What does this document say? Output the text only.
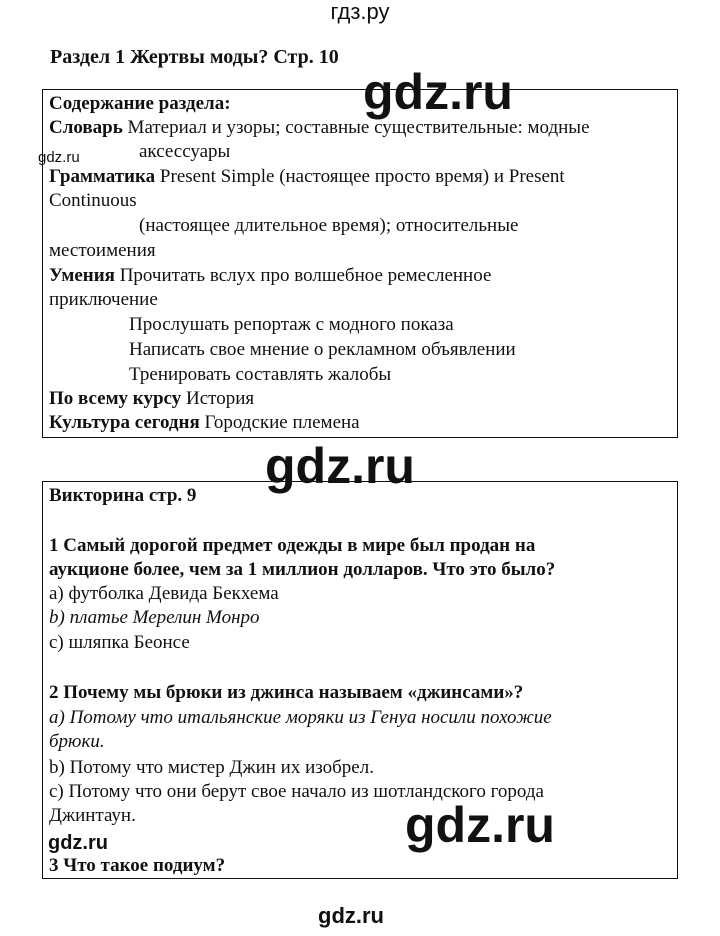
гдз.ру
Раздел 1 Жертвы моды? Стр. 10
gdz.ru
gdz.ru
gdz.ru
gdz.ru
gdz.ru
gdz.ru
Содержание раздела:
Словарь Материал и узоры; составные существительные: модные
аксессуары
Грамматика Present Simple (настоящее просто время) и Present
Continuous
(настоящее длительное время); относительные
местоимения
Умения Прочитать вслух про волшебное ремесленное
приключение
Прослушать репортаж с модного показа
Написать свое мнение о рекламном объявлении
Тренировать составлять жалобы
По всему курсу История
Культура сегодня Городские племена
Викторина стр. 9
1 Самый дорогой предмет одежды в мире был продан на
аукционе более, чем за 1 миллион долларов. Что это было?
а) футболка Девида Бекхема
b) платье Мерелин Монро
с) шляпка Беонсе
2 Почему мы брюки из джинса называем «джинсами»?
а) Потому что итальянские моряки из Генуа носили похожие
брюки.
b) Потому что мистер Джин их изобрел.
с) Потому что они берут свое начало из шотландского города
Джинтаун.
3 Что такое подиум?
